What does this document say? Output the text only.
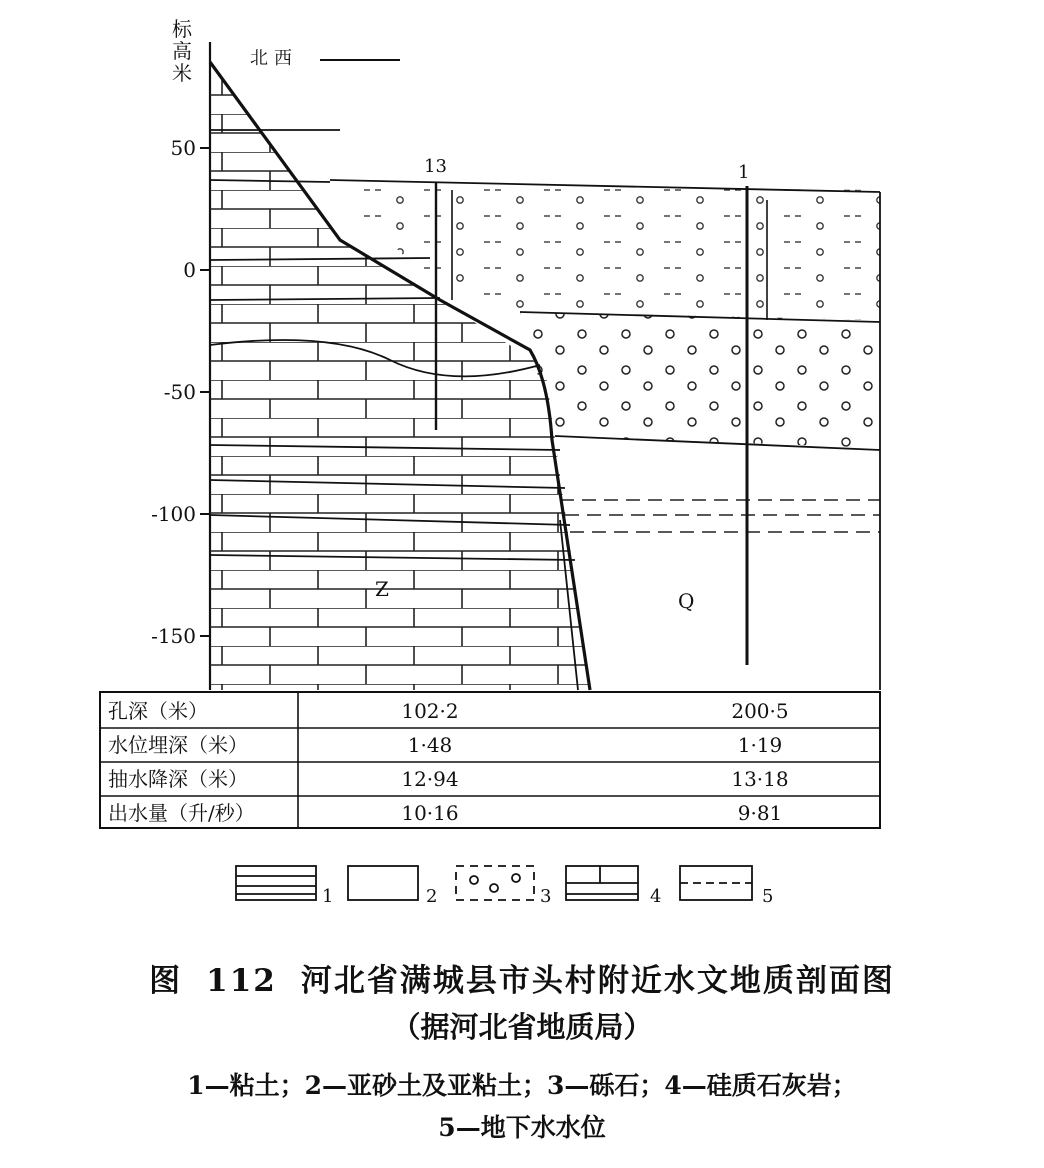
标
高
米
50
0
-50
-100
-150
北西
13	1
Z	Q
孔深（米）	102·2	200·5
水位埋深（米）	1·48	1·19
抽水降深（米）	12·94	13·18
出水量（升/秒）	10·16	9·81
1	2	3	4	5
图 112 河北省满城县市头村附近水文地质剖面图
（据河北省地质局）
1—粘土；2—亚砂土及亚粘土；3—砾石；4—硅质石灰岩；
5—地下水水位
